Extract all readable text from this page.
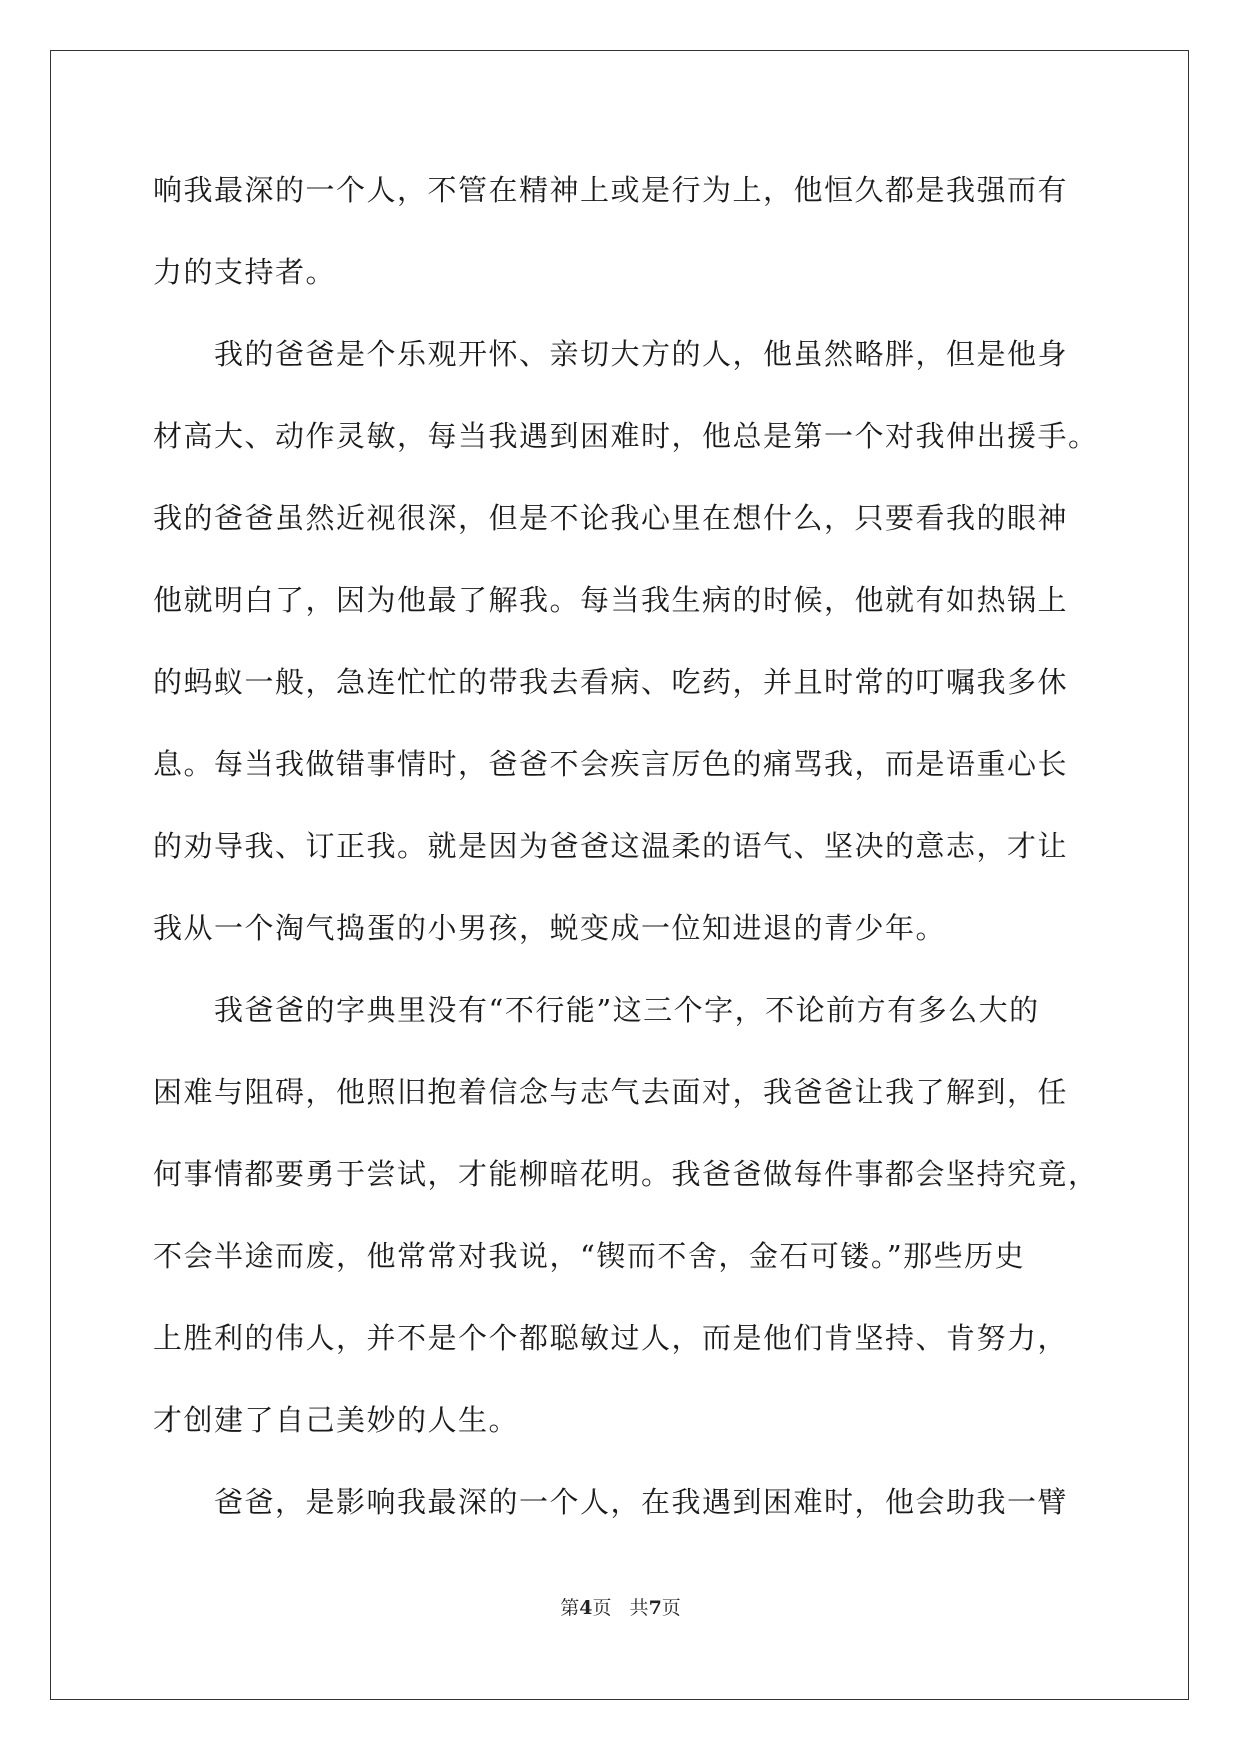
响我最深的一个人，不管在精神上或是行为上，他恒久都是我强而有
力的支持者。
我的爸爸是个乐观开怀、亲切大方的人，他虽然略胖，但是他身
材高大、动作灵敏，每当我遇到困难时，他总是第一个对我伸出援手。
我的爸爸虽然近视很深，但是不论我心里在想什么，只要看我的眼神
他就明白了，因为他最了解我。每当我生病的时候，他就有如热锅上
的蚂蚁一般，急连忙忙的带我去看病、吃药，并且时常的叮嘱我多休
息。每当我做错事情时，爸爸不会疾言厉色的痛骂我，而是语重心长
的劝导我、订正我。就是因为爸爸这温柔的语气、坚决的意志，才让
我从一个淘气捣蛋的小男孩，蜕变成一位知进退的青少年。
我爸爸的字典里没有“不行能”这三个字，不论前方有多么大的
困难与阻碍，他照旧抱着信念与志气去面对，我爸爸让我了解到，任
何事情都要勇于尝试，才能柳暗花明。我爸爸做每件事都会坚持究竟，
不会半途而废，他常常对我说，“锲而不舍，金石可镂。”那些历史
上胜利的伟人，并不是个个都聪敏过人，而是他们肯坚持、肯努力，
才创建了自己美妙的人生。
爸爸，是影响我最深的一个人，在我遇到困难时，他会助我一臂
第4页   共7页
